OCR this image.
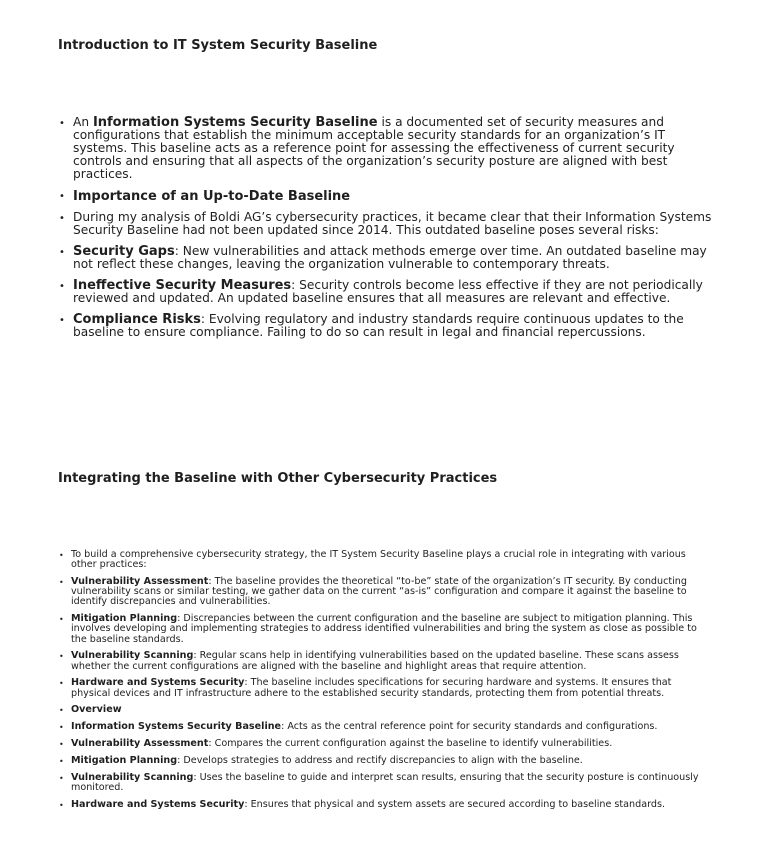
Introduction to IT System Security Baseline
• An Information Systems Security Baseline is a documented set of security measures and configurations that establish the minimum acceptable security standards for an organization’s IT systems. This baseline acts as a reference point for assessing the effectiveness of current security controls and ensuring that all aspects of the organization’s security posture are aligned with best practices.
• Importance of an Up-to-Date Baseline
• During my analysis of Boldi AG’s cybersecurity practices, it became clear that their Information Systems Security Baseline had not been updated since 2014. This outdated baseline poses several risks:
• Security Gaps: New vulnerabilities and attack methods emerge over time. An outdated baseline may not reflect these changes, leaving the organization vulnerable to contemporary threats.
• Ineffective Security Measures: Security controls become less effective if they are not periodically reviewed and updated. An updated baseline ensures that all measures are relevant and effective.
• Compliance Risks: Evolving regulatory and industry standards require continuous updates to the baseline to ensure compliance. Failing to do so can result in legal and financial repercussions.
Integrating the Baseline with Other Cybersecurity Practices
• To build a comprehensive cybersecurity strategy, the IT System Security Baseline plays a crucial role in integrating with various other practices:
• Vulnerability Assessment: The baseline provides the theoretical “to-be” state of the organization’s IT security. By conducting vulnerability scans or similar testing, we gather data on the current “as-is” configuration and compare it against the baseline to identify discrepancies and vulnerabilities.
• Mitigation Planning: Discrepancies between the current configuration and the baseline are subject to mitigation planning. This involves developing and implementing strategies to address identified vulnerabilities and bring the system as close as possible to the baseline standards.
• Vulnerability Scanning: Regular scans help in identifying vulnerabilities based on the updated baseline. These scans assess whether the current configurations are aligned with the baseline and highlight areas that require attention.
• Hardware and Systems Security: The baseline includes specifications for securing hardware and systems. It ensures that physical devices and IT infrastructure adhere to the established security standards, protecting them from potential threats.
• Overview
• Information Systems Security Baseline: Acts as the central reference point for security standards and configurations.
• Vulnerability Assessment: Compares the current configuration against the baseline to identify vulnerabilities.
• Mitigation Planning: Develops strategies to address and rectify discrepancies to align with the baseline.
• Vulnerability Scanning: Uses the baseline to guide and interpret scan results, ensuring that the security posture is continuously monitored.
• Hardware and Systems Security: Ensures that physical and system assets are secured according to baseline standards.
